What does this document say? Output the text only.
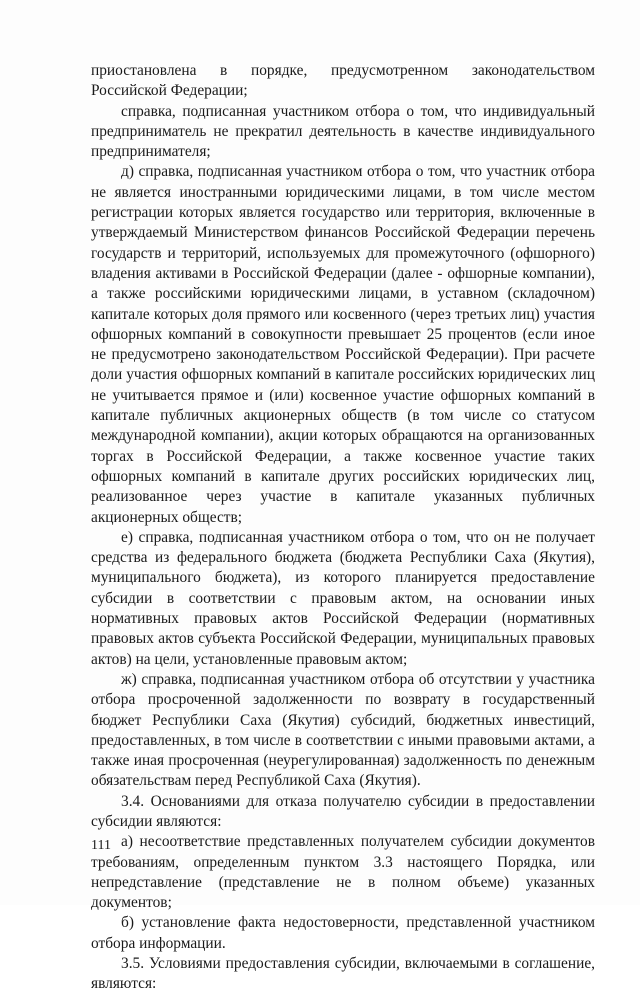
приостановлена в порядке, предусмотренном законодательством Российской Федерации;

справка, подписанная участником отбора о том, что индивидуальный предприниматель не прекратил деятельность в качестве индивидуального предпринимателя;

д) справка, подписанная участником отбора о том, что участник отбора не является иностранными юридическими лицами, в том числе местом регистрации которых является государство или территория, включенные в утверждаемый Министерством финансов Российской Федерации перечень государств и территорий, используемых для промежуточного (офшорного) владения активами в Российской Федерации (далее - офшорные компании), а также российскими юридическими лицами, в уставном (складочном) капитале которых доля прямого или косвенного (через третьих лиц) участия офшорных компаний в совокупности превышает 25 процентов (если иное не предусмотрено законодательством Российской Федерации). При расчете доли участия офшорных компаний в капитале российских юридических лиц не учитывается прямое и (или) косвенное участие офшорных компаний в капитале публичных акционерных обществ (в том числе со статусом международной компании), акции которых обращаются на организованных торгах в Российской Федерации, а также косвенное участие таких офшорных компаний в капитале других российских юридических лиц, реализованное через участие в капитале указанных публичных акционерных обществ;

е) справка, подписанная участником отбора о том, что он не получает средства из федерального бюджета (бюджета Республики Саха (Якутия), муниципального бюджета), из которого планируется предоставление субсидии в соответствии с правовым актом, на основании иных нормативных правовых актов Российской Федерации (нормативных правовых актов субъекта Российской Федерации, муниципальных правовых актов) на цели, установленные правовым актом;

ж) справка, подписанная участником отбора об отсутствии у участника отбора просроченной задолженности по возврату в государственный бюджет Республики Саха (Якутия) субсидий, бюджетных инвестиций, предоставленных, в том числе в соответствии с иными правовыми актами, а также иная просроченная (неурегулированная) задолженность по денежным обязательствам перед Республикой Саха (Якутия).

3.4. Основаниями для отказа получателю субсидии в предоставлении субсидии являются:

а) несоответствие представленных получателем субсидии документов требованиям, определенным пунктом 3.3 настоящего Порядка, или непредставление (представление не в полном объеме) указанных документов;

б) установление факта недостоверности, представленной участником отбора информации.

3.5. Условиями предоставления субсидии, включаемыми в соглашение, являются:

111
